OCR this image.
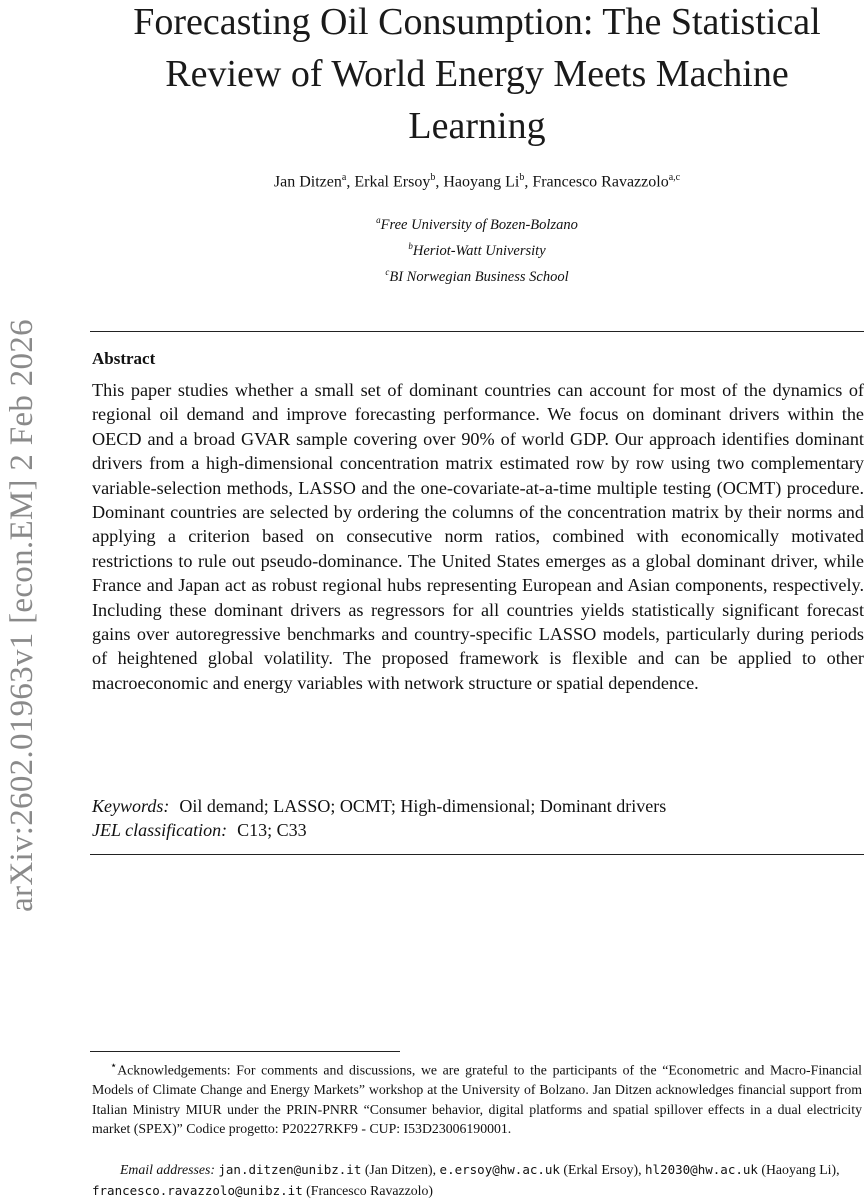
arXiv:2602.01963v1 [econ.EM] 2 Feb 2026
Forecasting Oil Consumption: The Statistical
Review of World Energy Meets Machine
Learning
Jan Ditzen$^a$, Erkal Ersoy$^b$, Haoyang Li$^b$, Francesco Ravazzolo$^{a,c}$
$^a$Free University of Bozen-Bolzano
$^b$Heriot-Watt University
$^c$BI Norwegian Business School
Abstract

This paper studies whether a small set of dominant countries can account for most of the dynamics of regional oil demand and improve forecasting performance. We focus on dominant drivers within the OECD and a broad GVAR sample covering over 90% of world GDP. Our approach identifies dominant drivers from a high-dimensional concentration matrix estimated row by row using two complementary variable-selection methods, LASSO and the one-covariate-at-a-time multiple testing (OCMT) procedure. Dominant countries are selected by ordering the columns of the concentration matrix by their norms and applying a criterion based on consecutive norm ratios, combined with economically motivated restrictions to rule out pseudo-dominance. The United States emerges as a global dominant driver, while France and Japan act as robust regional hubs representing European and Asian components, respectively. Including these dominant drivers as regressors for all countries yields statistically significant forecast gains over autoregressive benchmarks and country-specific LASSO models, particularly during periods of heightened global volatility. The proposed framework is flexible and can be applied to other macroeconomic and energy variables with network structure or spatial dependence.

Keywords: Oil demand; LASSO; OCMT; High-dimensional; Dominant drivers
JEL classification: C13; C33

⋆Acknowledgements: For comments and discussions, we are grateful to the participants of the “Econometric and Macro-Financial Models of Climate Change and Energy Markets” workshop at the University of Bolzano. Jan Ditzen acknowledges financial support from Italian Ministry MIUR under the PRIN-PNRR “Consumer behavior, digital platforms and spatial spillover effects in a dual electricity market (SPEX)” Codice progetto: P20227RKF9 - CUP: I53D23006190001.

Email addresses: jan.ditzen@unibz.it (Jan Ditzen), e.ersoy@hw.ac.uk (Erkal Ersoy), hl2030@hw.ac.uk (Haoyang Li), francesco.ravazzolo@unibz.it (Francesco Ravazzolo)
